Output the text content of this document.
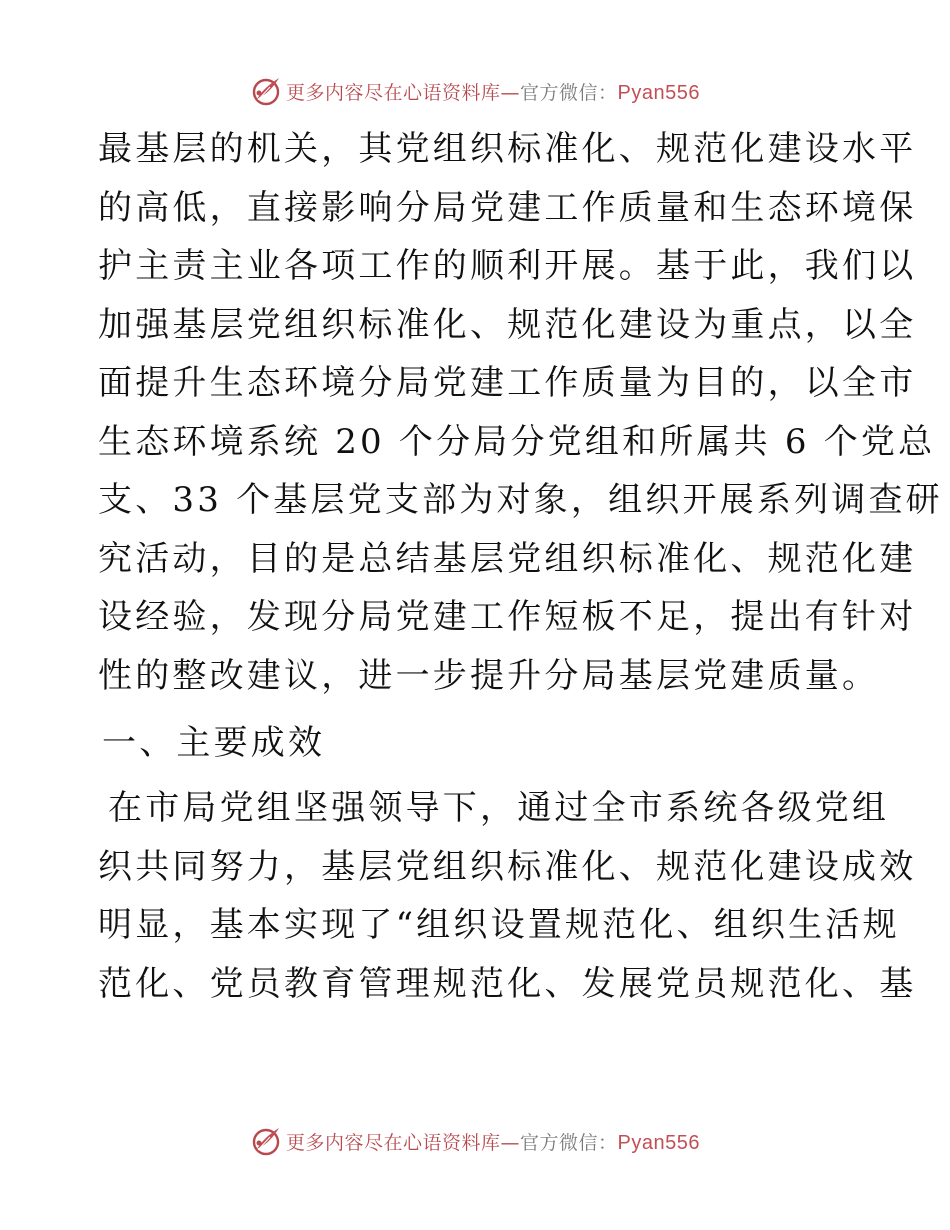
更多内容尽在心语资料库—官方微信：Pyan556
最基层的机关，其党组织标准化、规范化建设水平
的高低，直接影响分局党建工作质量和生态环境保
护主责主业各项工作的顺利开展。基于此，我们以
加强基层党组织标准化、规范化建设为重点，以全
面提升生态环境分局党建工作质量为目的，以全市
生态环境系统 20 个分局分党组和所属共 6 个党总
支、33 个基层党支部为对象，组织开展系列调查研
究活动，目的是总结基层党组织标准化、规范化建
设经验，发现分局党建工作短板不足，提出有针对
性的整改建议，进一步提升分局基层党建质量。
一、主要成效
在市局党组坚强领导下，通过全市系统各级党组
织共同努力，基层党组织标准化、规范化建设成效
明显，基本实现了“组织设置规范化、组织生活规
范化、党员教育管理规范化、发展党员规范化、基
更多内容尽在心语资料库—官方微信：Pyan556
